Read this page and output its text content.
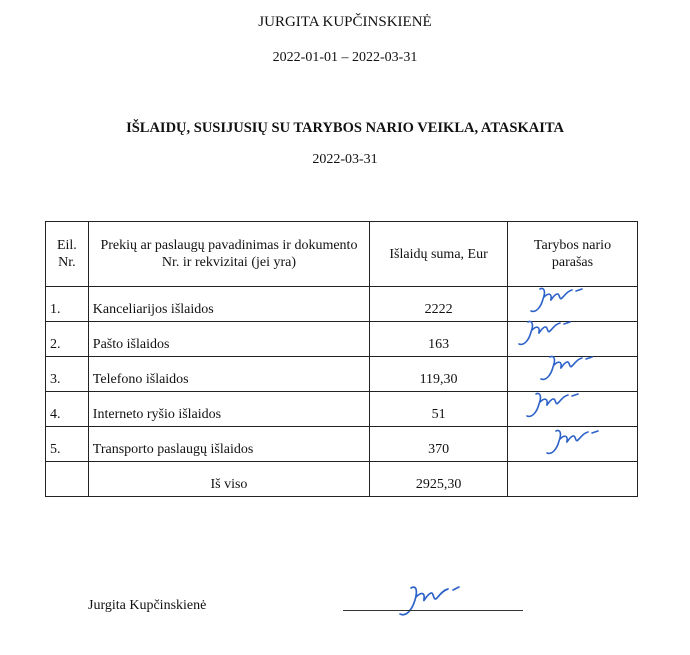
JURGITA KUPČINSKIENĖ
2022-01-01 – 2022-03-31
IŠLAIDŲ, SUSIJUSIŲ SU TARYBOS NARIO VEIKLA, ATASKAITA
2022-03-31
Eil. Nr.	Prekių ar paslaugų pavadinimas ir dokumento Nr. ir rekvizitai (jei yra)	Išlaidų suma, Eur	Tarybos nario parašas
1.	Kanceliarijos išlaidos	2222	

2.	Pašto išlaidos	163	

3.	Telefono išlaidos	119,30	

4.	Interneto ryšio išlaidos	51	

5.	Transporto paslaugų išlaidos	370	

	Iš viso	2925,30	
Jurgita Kupčinskienė
